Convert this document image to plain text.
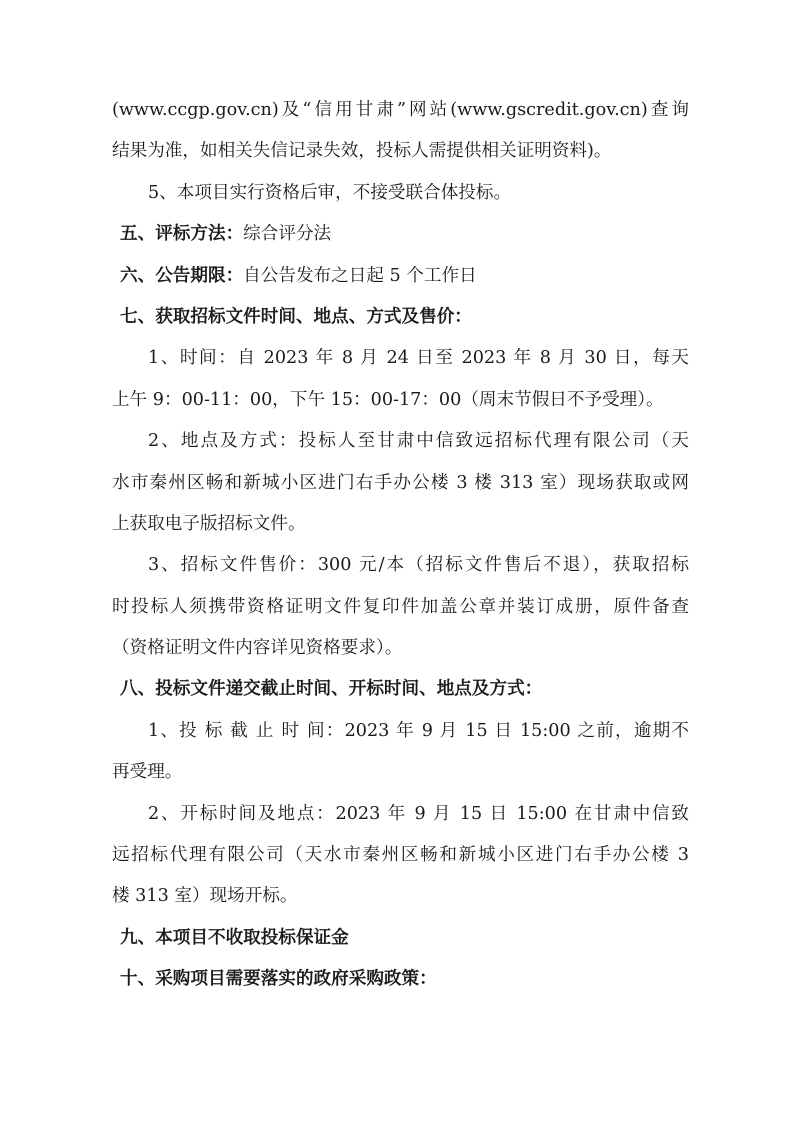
(www.ccgp.gov.cn)及“信用甘肃”网站(www.gscredit.gov.cn)查询
结果为准，如相关失信记录失效，投标人需提供相关证明资料)。
5、本项目实行资格后审，不接受联合体投标。
五、评标方法：综合评分法
六、公告期限：自公告发布之日起 5 个工作日
七、获取招标文件时间、地点、方式及售价：
1、时间：自 2023 年 8 月 24 日至 2023 年 8 月 30 日，每天
上午 9：00-11：00，下午 15：00-17：00（周末节假日不予受理）。
2、地点及方式：投标人至甘肃中信致远招标代理有限公司（天
水市秦州区畅和新城小区进门右手办公楼 3 楼 313 室）现场获取或网
上获取电子版招标文件。
3、招标文件售价：300 元/本（招标文件售后不退），获取招标
时投标人须携带资格证明文件复印件加盖公章并装订成册，原件备查
（资格证明文件内容详见资格要求）。
八、投标文件递交截止时间、开标时间、地点及方式：
1、投 标 截 止 时 间：2023 年 9 月 15 日 15:00 之前，逾期不
再受理。
2、开标时间及地点：2023 年 9 月 15 日 15:00 在甘肃中信致
远招标代理有限公司（天水市秦州区畅和新城小区进门右手办公楼 3
楼 313 室）现场开标。
九、本项目不收取投标保证金
十、采购项目需要落实的政府采购政策：
